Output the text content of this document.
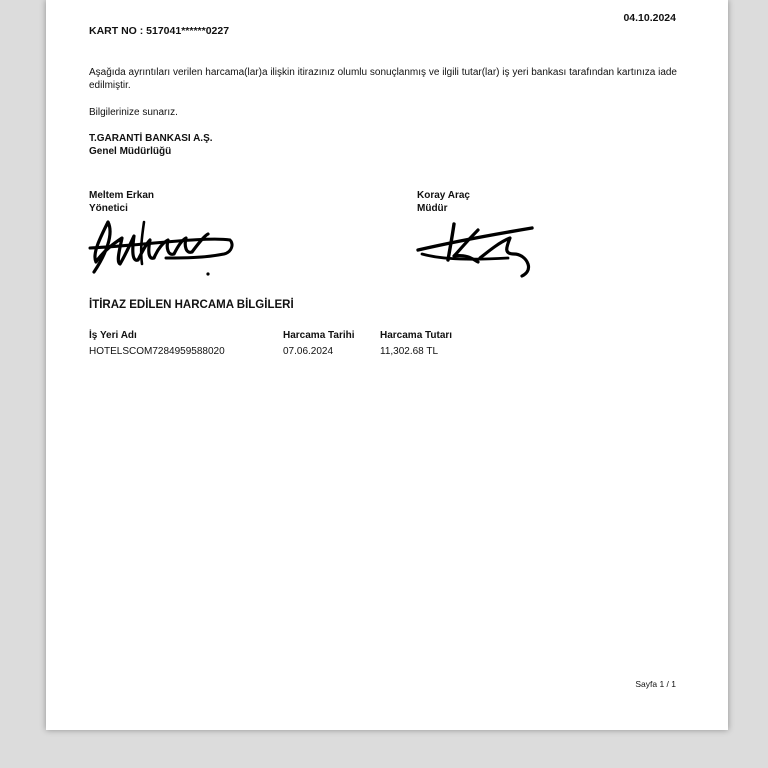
04.10.2024
KART NO : 517041******0227
Aşağıda ayrıntıları verilen harcama(lar)a ilişkin itirazınız olumlu sonuçlanmış ve ilgili tutar(lar) iş yeri bankası tarafından kartınıza iade edilmiştir.
Bilgilerinize sunarız.
T.GARANTİ BANKASI A.Ş.
Genel Müdürlüğü
Meltem Erkan
Yönetici
Koray Araç
Müdür
İTİRAZ EDİLEN HARCAMA BİLGİLERİ
İş Yeri Adı	Harcama Tarihi	Harcama Tutarı
HOTELSCOM7284959588020	07.06.2024	11,302.68 TL
Sayfa 1 / 1
